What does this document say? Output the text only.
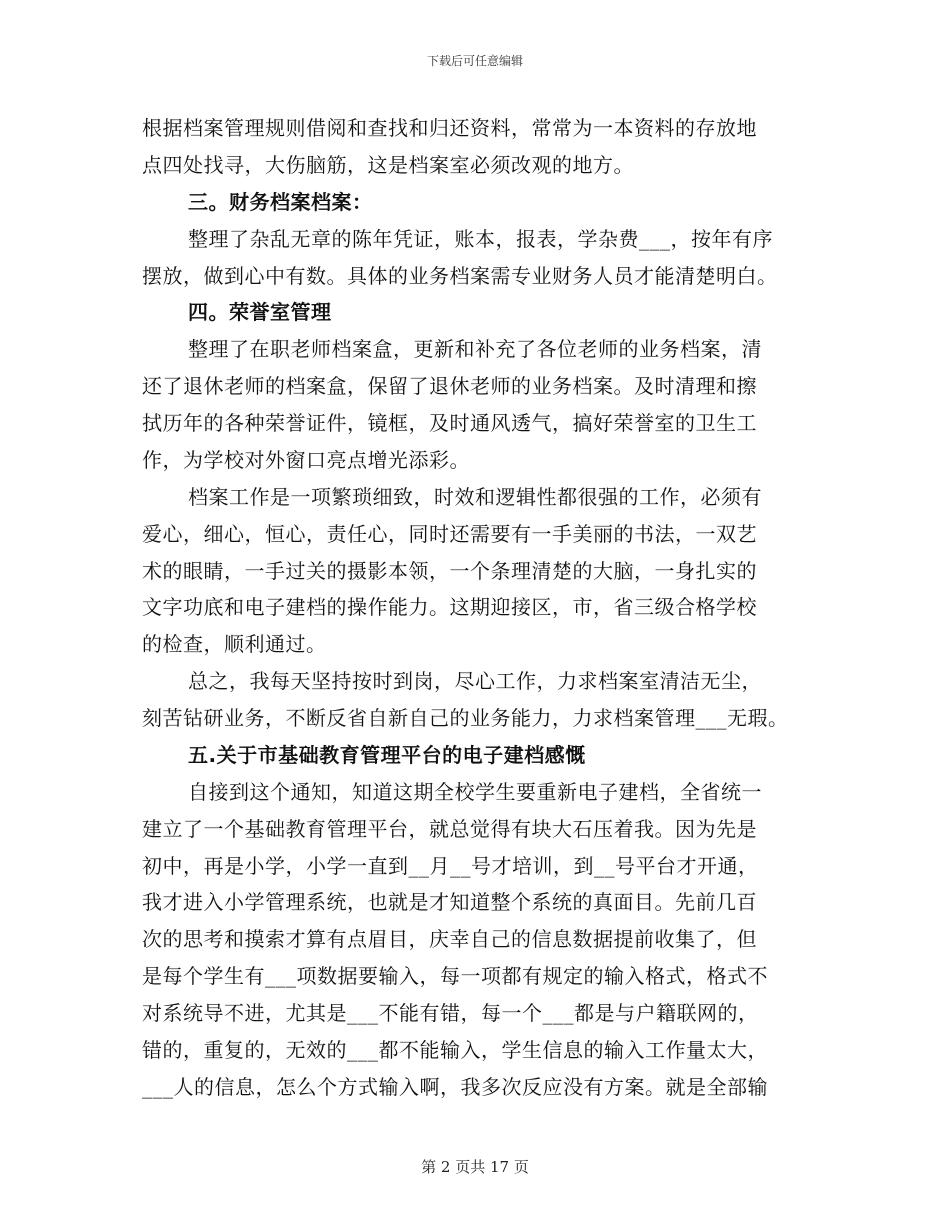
下载后可任意编辑
根据档案管理规则借阅和查找和归还资料，常常为一本资料的存放地
点四处找寻，大伤脑筋，这是档案室必须改观的地方。
三。财务档案档案：
整理了杂乱无章的陈年凭证，账本，报表，学杂费___，按年有序
摆放，做到心中有数。具体的业务档案需专业财务人员才能清楚明白。
四。荣誉室管理
整理了在职老师档案盒，更新和补充了各位老师的业务档案，清
还了退休老师的档案盒，保留了退休老师的业务档案。及时清理和擦
拭历年的各种荣誉证件，镜框，及时通风透气，搞好荣誉室的卫生工
作，为学校对外窗口亮点增光添彩。
档案工作是一项繁琐细致，时效和逻辑性都很强的工作，必须有
爱心，细心，恒心，责任心，同时还需要有一手美丽的书法，一双艺
术的眼睛，一手过关的摄影本领，一个条理清楚的大脑，一身扎实的
文字功底和电子建档的操作能力。这期迎接区，市，省三级合格学校
的检查，顺利通过。
总之，我每天坚持按时到岗，尽心工作，力求档案室清洁无尘，
刻苦钻研业务，不断反省自新自己的业务能力，力求档案管理___无瑕。
五.关于市基础教育管理平台的电子建档感慨
自接到这个通知，知道这期全校学生要重新电子建档，全省统一
建立了一个基础教育管理平台，就总觉得有块大石压着我。因为先是
初中，再是小学，小学一直到__月__号才培训，到__号平台才开通，
我才进入小学管理系统，也就是才知道整个系统的真面目。先前几百
次的思考和摸索才算有点眉目，庆幸自己的信息数据提前收集了，但
是每个学生有___项数据要输入，每一项都有规定的输入格式，格式不
对系统导不进，尤其是___不能有错，每一个___都是与户籍联网的，
错的，重复的，无效的___都不能输入，学生信息的输入工作量太大，
___人的信息，怎么个方式输入啊，我多次反应没有方案。就是全部输
第 2 页共 17 页
